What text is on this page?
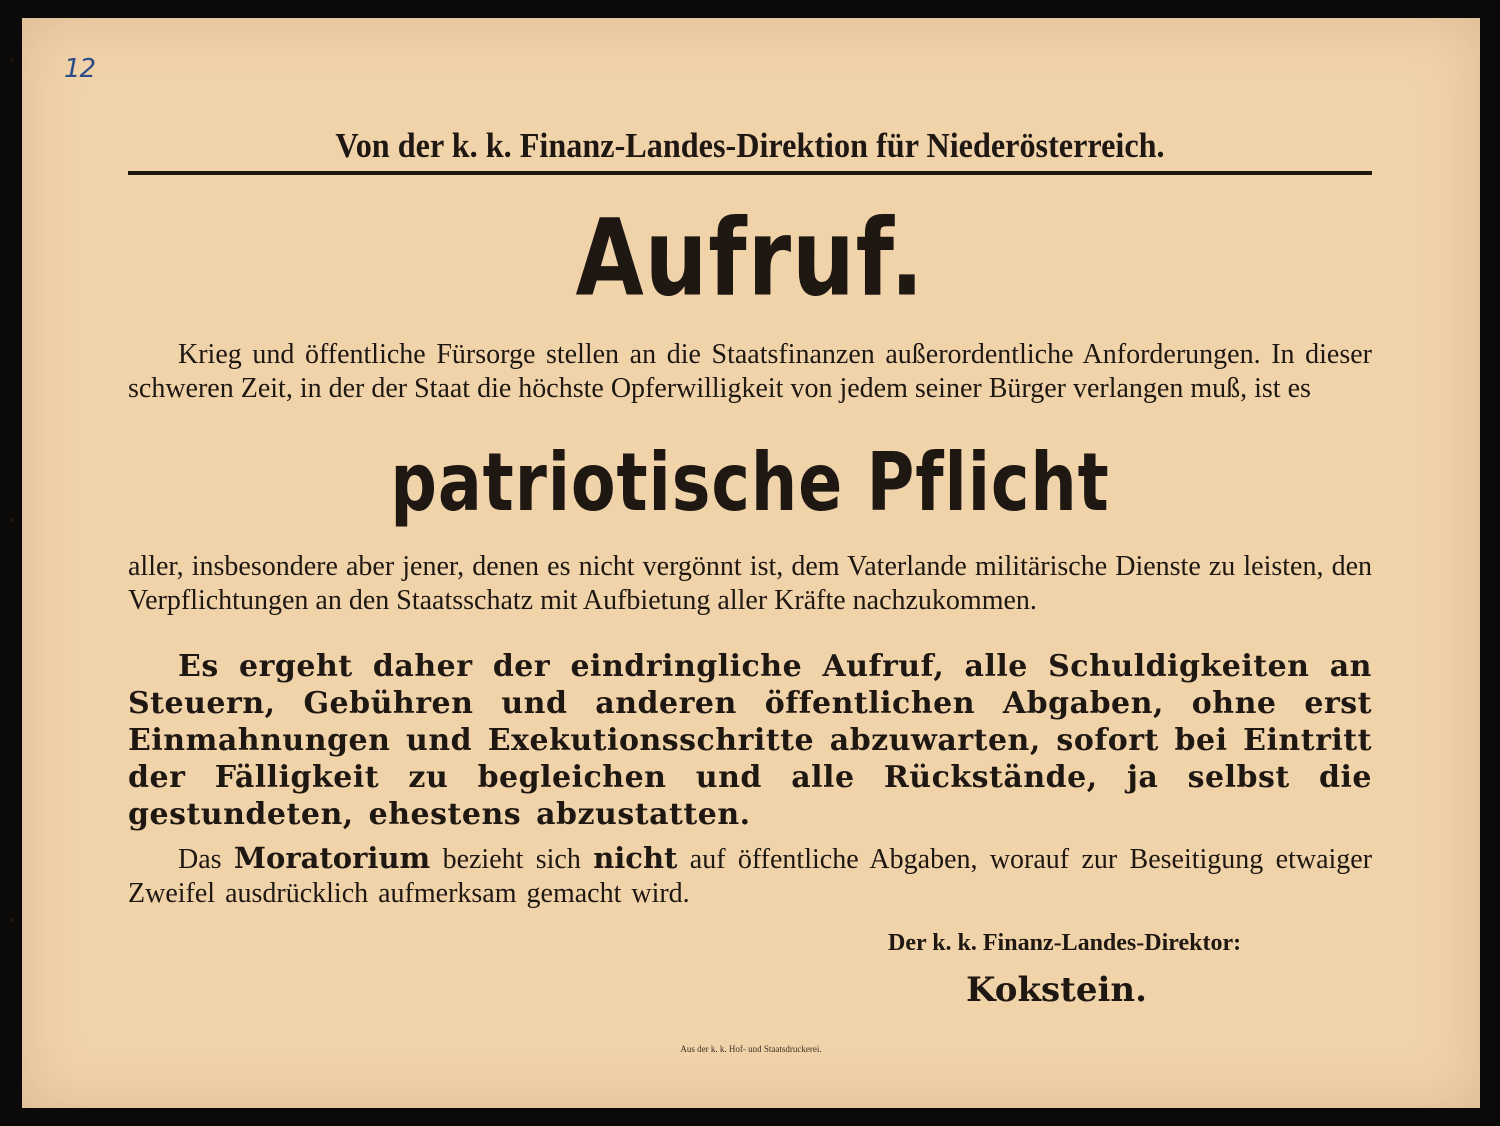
12
Von der k. k. Finanz-Landes-Direktion für Niederösterreich.
Aufruf.
Krieg und öffentliche Fürsorge stellen an die Staatsfinanzen außerordentliche Anforderungen. In dieser schweren Zeit, in der der Staat die höchste Opferwilligkeit von jedem seiner Bürger verlangen muß, ist es
patriotische Pflicht
aller, insbesondere aber jener, denen es nicht vergönnt ist, dem Vaterlande militärische Dienste zu leisten, den Verpflichtungen an den Staatsschatz mit Aufbietung aller Kräfte nachzukommen.
Es ergeht daher der eindringliche Aufruf, alle Schuldigkeiten an Steuern, Gebühren und anderen öffentlichen Abgaben, ohne erst Einmahnungen und Exekutionsschritte abzuwarten, sofort bei Eintritt der Fälligkeit zu begleichen und alle Rückstände, ja selbst die gestundeten, ehestens abzustatten.
Das Moratorium bezieht sich nicht auf öffentliche Abgaben, worauf zur Beseitigung etwaiger Zweifel ausdrücklich aufmerksam gemacht wird.
Der k. k. Finanz-Landes-Direktor:
Kokstein.
Aus der k. k. Hof- und Staatsdruckerei.
